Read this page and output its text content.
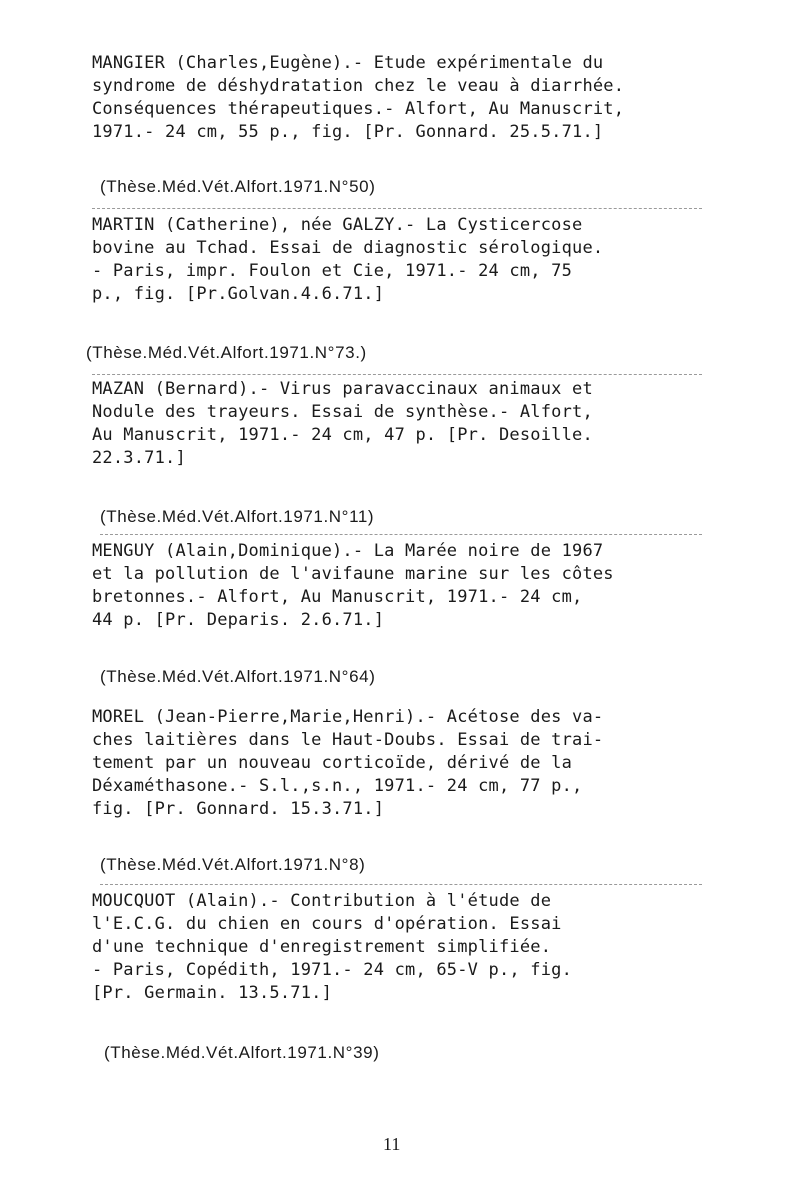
MANGIER (Charles,Eugène).- Etude expérimentale du
syndrome de déshydratation chez le veau à diarrhée.
Conséquences thérapeutiques.- Alfort, Au Manuscrit,
1971.- 24 cm, 55 p., fig. [Pr. Gonnard. 25.5.71.]
(Thèse.Méd.Vét.Alfort.1971.N°50)
MARTIN (Catherine), née GALZY.- La Cysticercose
bovine au Tchad. Essai de diagnostic sérologique.
- Paris, impr. Foulon et Cie, 1971.- 24 cm, 75
p., fig. [Pr.Golvan.4.6.71.]
(Thèse.Méd.Vét.Alfort.1971.N°73.)
MAZAN (Bernard).- Virus paravaccinaux animaux et
Nodule des trayeurs. Essai de synthèse.- Alfort,
Au Manuscrit, 1971.- 24 cm, 47 p. [Pr. Desoille.
22.3.71.]
(Thèse.Méd.Vét.Alfort.1971.N°11)
MENGUY (Alain,Dominique).- La Marée noire de 1967
et la pollution de l'avifaune marine sur les côtes
bretonnes.- Alfort, Au Manuscrit, 1971.- 24 cm,
44 p. [Pr. Deparis. 2.6.71.]
(Thèse.Méd.Vét.Alfort.1971.N°64)
MOREL (Jean-Pierre,Marie,Henri).- Acétose des va-
ches laitières dans le Haut-Doubs. Essai de trai-
tement par un nouveau corticoïde, dérivé de la
Déxaméthasone.- S.l.,s.n., 1971.- 24 cm, 77 p.,
fig. [Pr. Gonnard. 15.3.71.]
(Thèse.Méd.Vét.Alfort.1971.N°8)
MOUCQUOT (Alain).- Contribution à l'étude de
l'E.C.G. du chien en cours d'opération. Essai
d'une technique d'enregistrement simplifiée.
- Paris, Copédith, 1971.- 24 cm, 65-V p., fig.
[Pr. Germain. 13.5.71.]
(Thèse.Méd.Vét.Alfort.1971.N°39)
11
